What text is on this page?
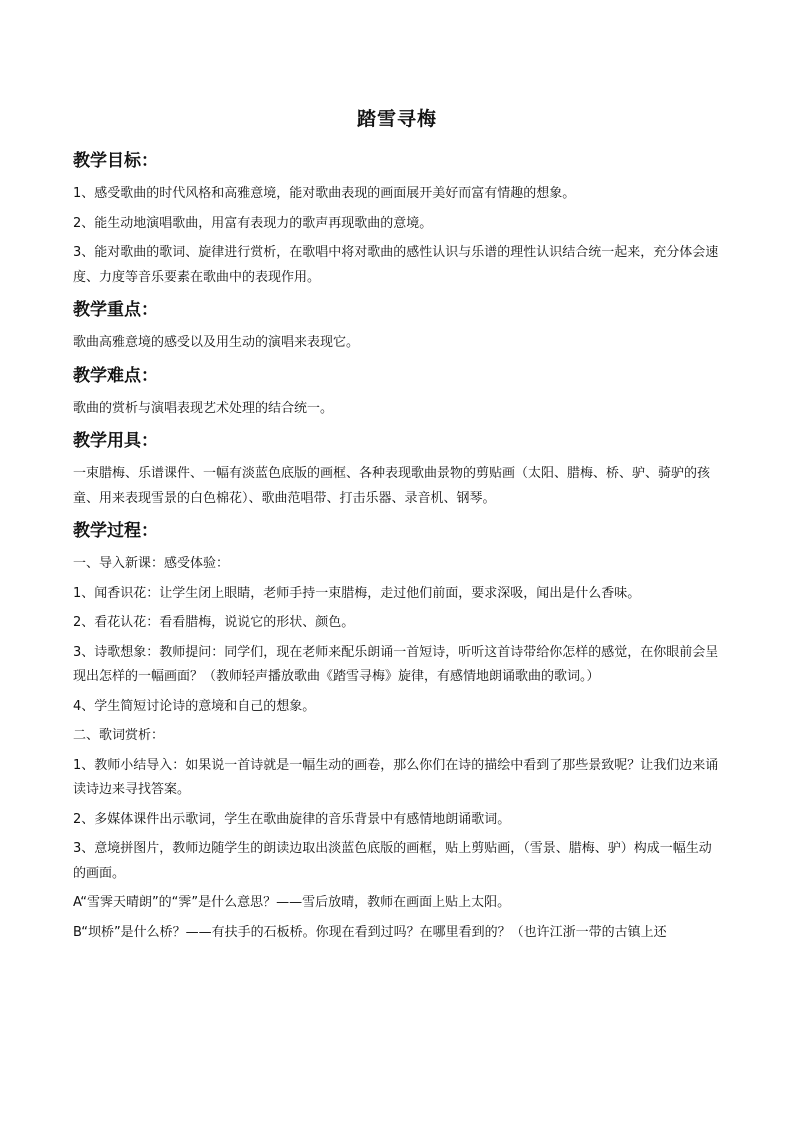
踏雪寻梅
教学目标：

1、感受歌曲的时代风格和高雅意境，能对歌曲表现的画面展开美好而富有情趣的想象。

2、能生动地演唱歌曲，用富有表现力的歌声再现歌曲的意境。

3、能对歌曲的歌词、旋律进行赏析，在歌唱中将对歌曲的感性认识与乐谱的理性认识结合统一起来，充分体会速度、力度等音乐要素在歌曲中的表现作用。

教学重点：

歌曲高雅意境的感受以及用生动的演唱来表现它。

教学难点：

歌曲的赏析与演唱表现艺术处理的结合统一。

教学用具：

一束腊梅、乐谱课件、一幅有淡蓝色底版的画框、各种表现歌曲景物的剪贴画（太阳、腊梅、桥、驴、骑驴的孩童、用来表现雪景的白色棉花）、歌曲范唱带、打击乐器、录音机、钢琴。

教学过程：

一、导入新课：感受体验：

1、闻香识花：让学生闭上眼睛，老师手持一束腊梅，走过他们前面，要求深吸，闻出是什么香味。

2、看花认花：看看腊梅，说说它的形状、颜色。

3、诗歌想象：教师提问：同学们，现在老师来配乐朗诵一首短诗，听听这首诗带给你怎样的感觉，在你眼前会呈现出怎样的一幅画面？（教师轻声播放歌曲《踏雪寻梅》旋律，有感情地朗诵歌曲的歌词。）

4、学生简短讨论诗的意境和自己的想象。

二、歌词赏析：

1、教师小结导入：如果说一首诗就是一幅生动的画卷，那么你们在诗的描绘中看到了那些景致呢？让我们边来诵读诗边来寻找答案。

2、多媒体课件出示歌词，学生在歌曲旋律的音乐背景中有感情地朗诵歌词。

3、意境拼图片，教师边随学生的朗读边取出淡蓝色底版的画框，贴上剪贴画，（雪景、腊梅、驴）构成一幅生动的画面。

A“雪霁天晴朗”的“霁”是什么意思？——雪后放晴，教师在画面上贴上太阳。

B“坝桥”是什么桥？——有扶手的石板桥。你现在看到过吗？在哪里看到的？（也许江浙一带的古镇上还
